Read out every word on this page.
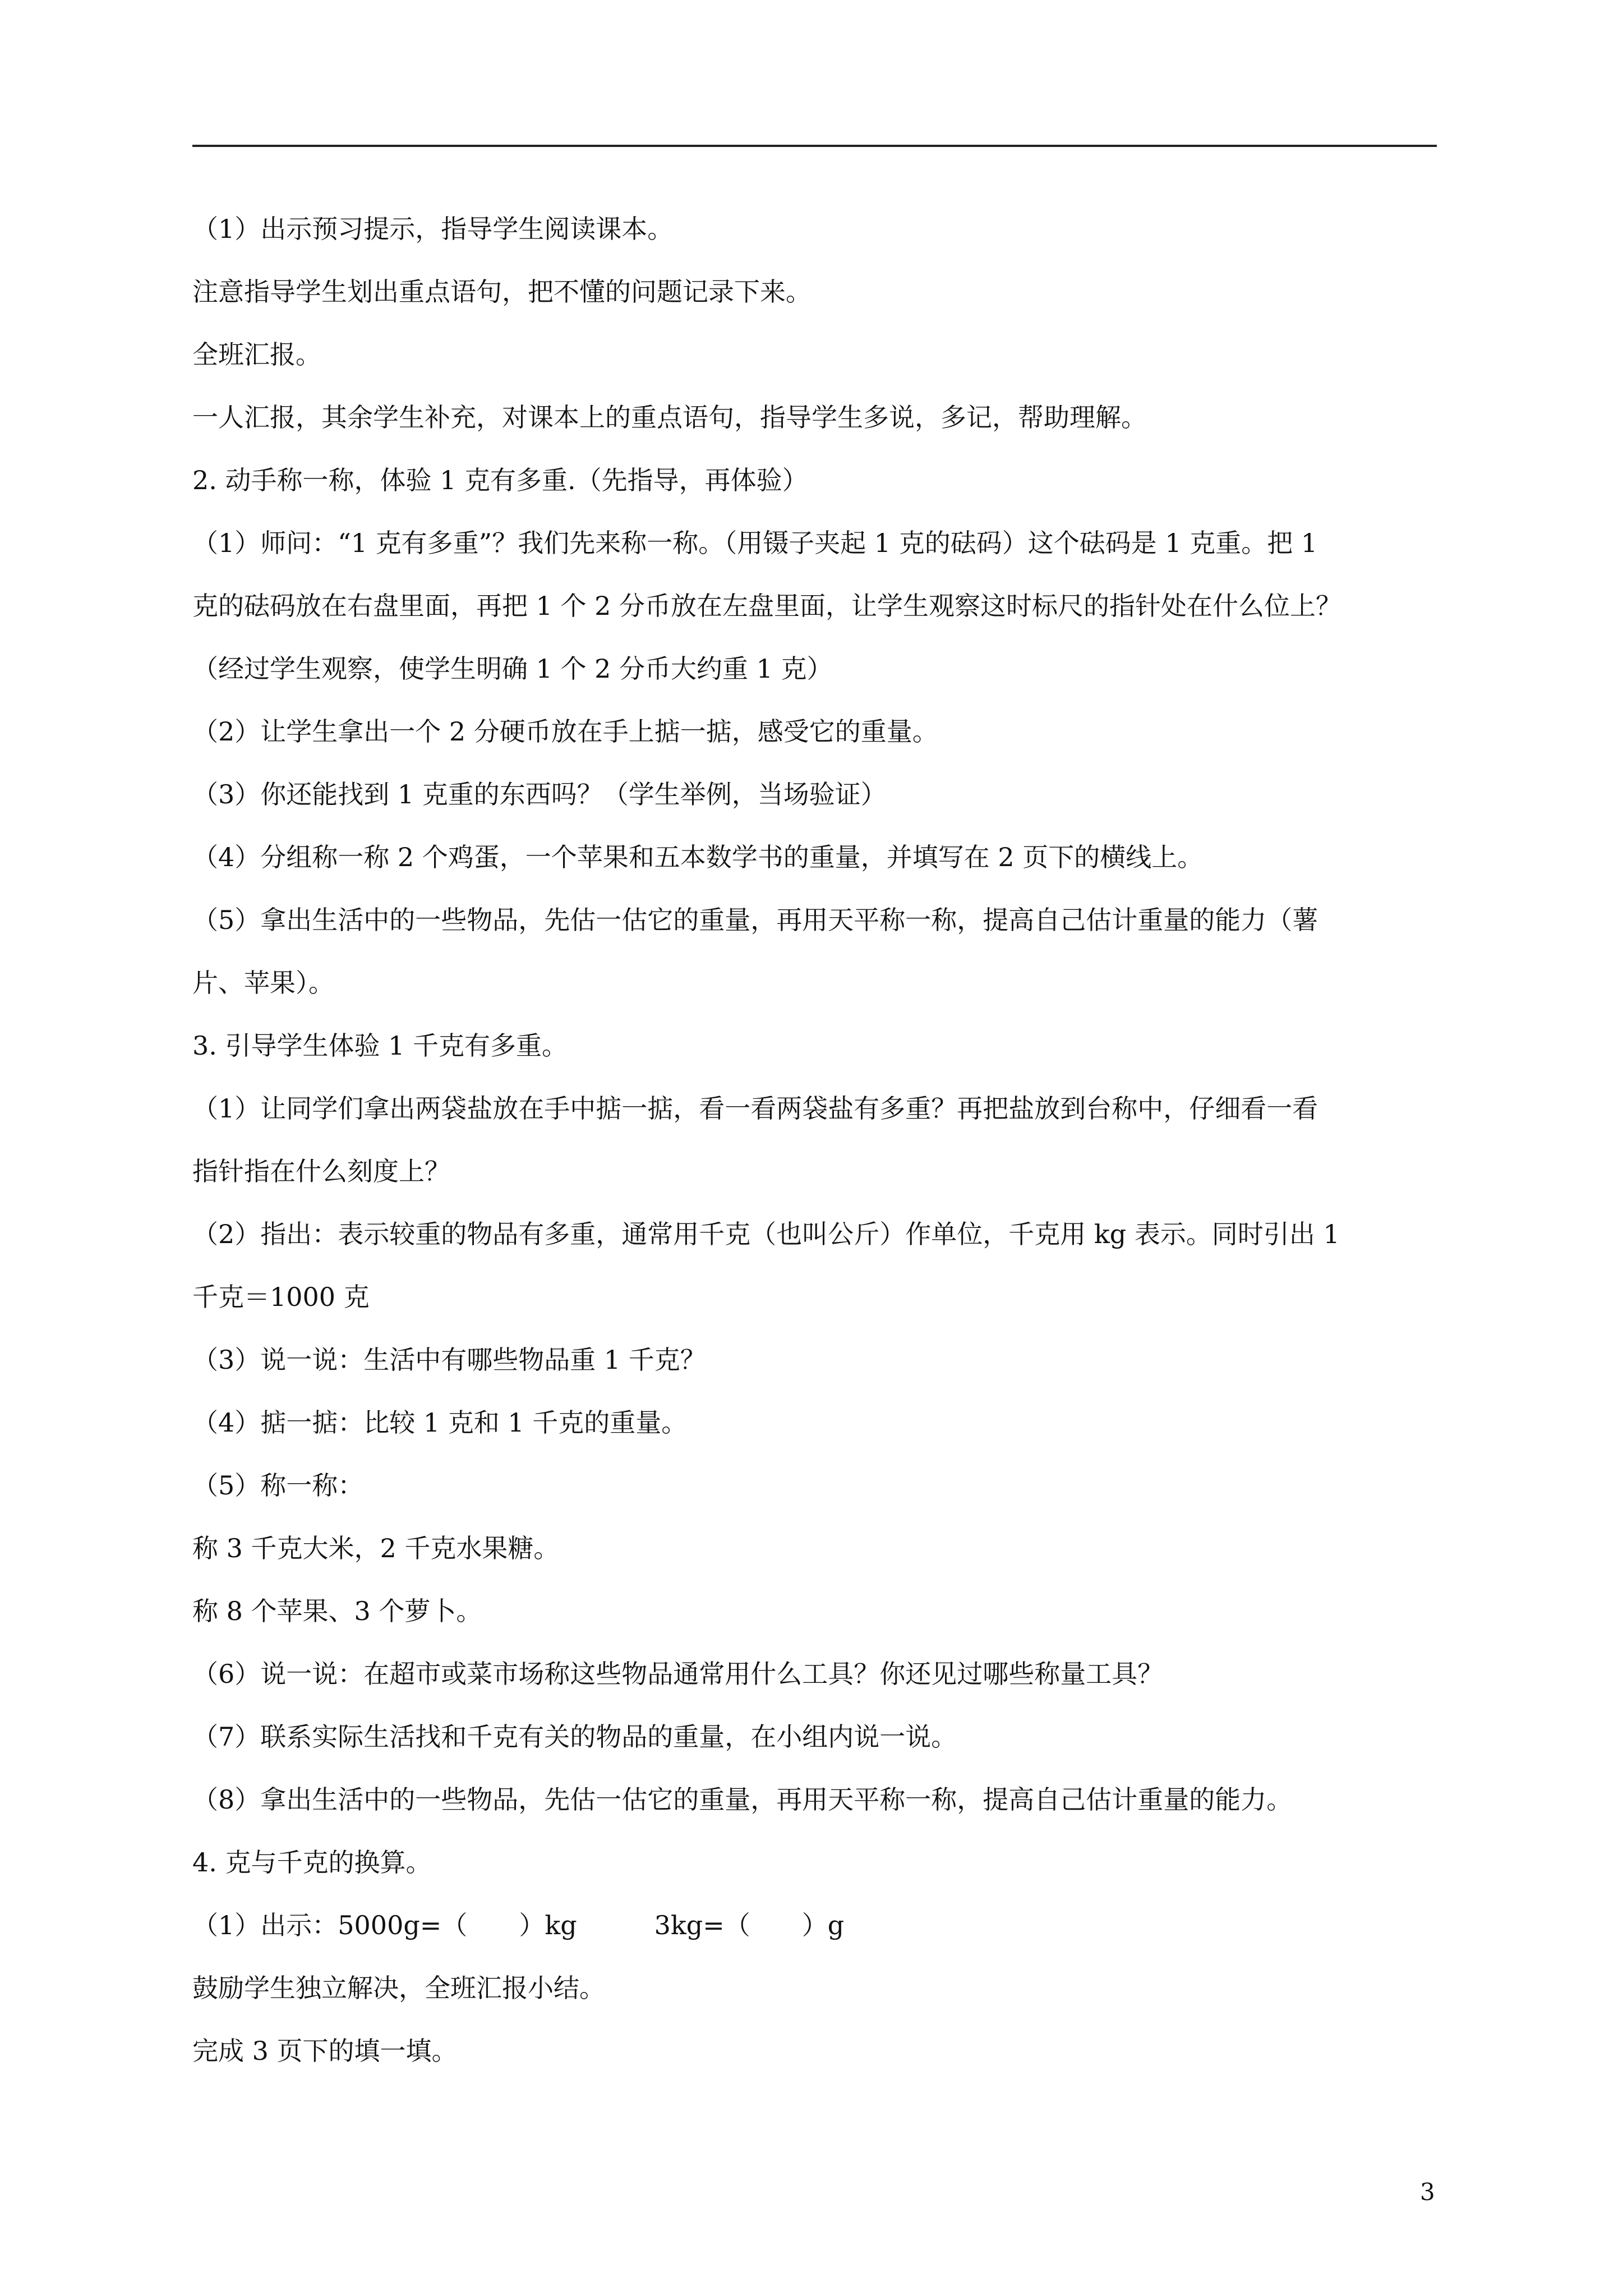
（1）出示预习提示，指导学生阅读课本。
注意指导学生划出重点语句，把不懂的问题记录下来。
全班汇报。
一人汇报，其余学生补充，对课本上的重点语句，指导学生多说，多记，帮助理解。
2. 动手称一称，体验 1 克有多重.（先指导，再体验）
（1）师问：“1 克有多重”？我们先来称一称。（用镊子夹起 1 克的砝码）这个砝码是 1 克重。把 1
克的砝码放在右盘里面，再把 1 个 2 分币放在左盘里面，让学生观察这时标尺的指针处在什么位上？
（经过学生观察，使学生明确 1 个 2 分币大约重 1 克）
（2）让学生拿出一个 2 分硬币放在手上掂一掂，感受它的重量。
（3）你还能找到 1 克重的东西吗？（学生举例，当场验证）
（4）分组称一称 2 个鸡蛋，一个苹果和五本数学书的重量，并填写在 2 页下的横线上。
（5）拿出生活中的一些物品，先估一估它的重量，再用天平称一称，提高自己估计重量的能力（薯
片、苹果）。
3. 引导学生体验 1 千克有多重。
（1）让同学们拿出两袋盐放在手中掂一掂，看一看两袋盐有多重？再把盐放到台称中，仔细看一看
指针指在什么刻度上？
（2）指出：表示较重的物品有多重，通常用千克（也叫公斤）作单位，千克用 kg 表示。同时引出 1
千克＝1000 克
（3）说一说：生活中有哪些物品重 1 千克？
（4）掂一掂：比较 1 克和 1 千克的重量。
（5）称一称：
称 3 千克大米，2 千克水果糖。
称 8 个苹果、3 个萝卜。
（6）说一说：在超市或菜市场称这些物品通常用什么工具？你还见过哪些称量工具？
（7）联系实际生活找和千克有关的物品的重量，在小组内说一说。
（8）拿出生活中的一些物品，先估一估它的重量，再用天平称一称，提高自己估计重量的能力。
4. 克与千克的换算。
（1）出示：5000g=（　　）kg　　　3kg=（　　）g
鼓励学生独立解决，全班汇报小结。
完成 3 页下的填一填。
3
